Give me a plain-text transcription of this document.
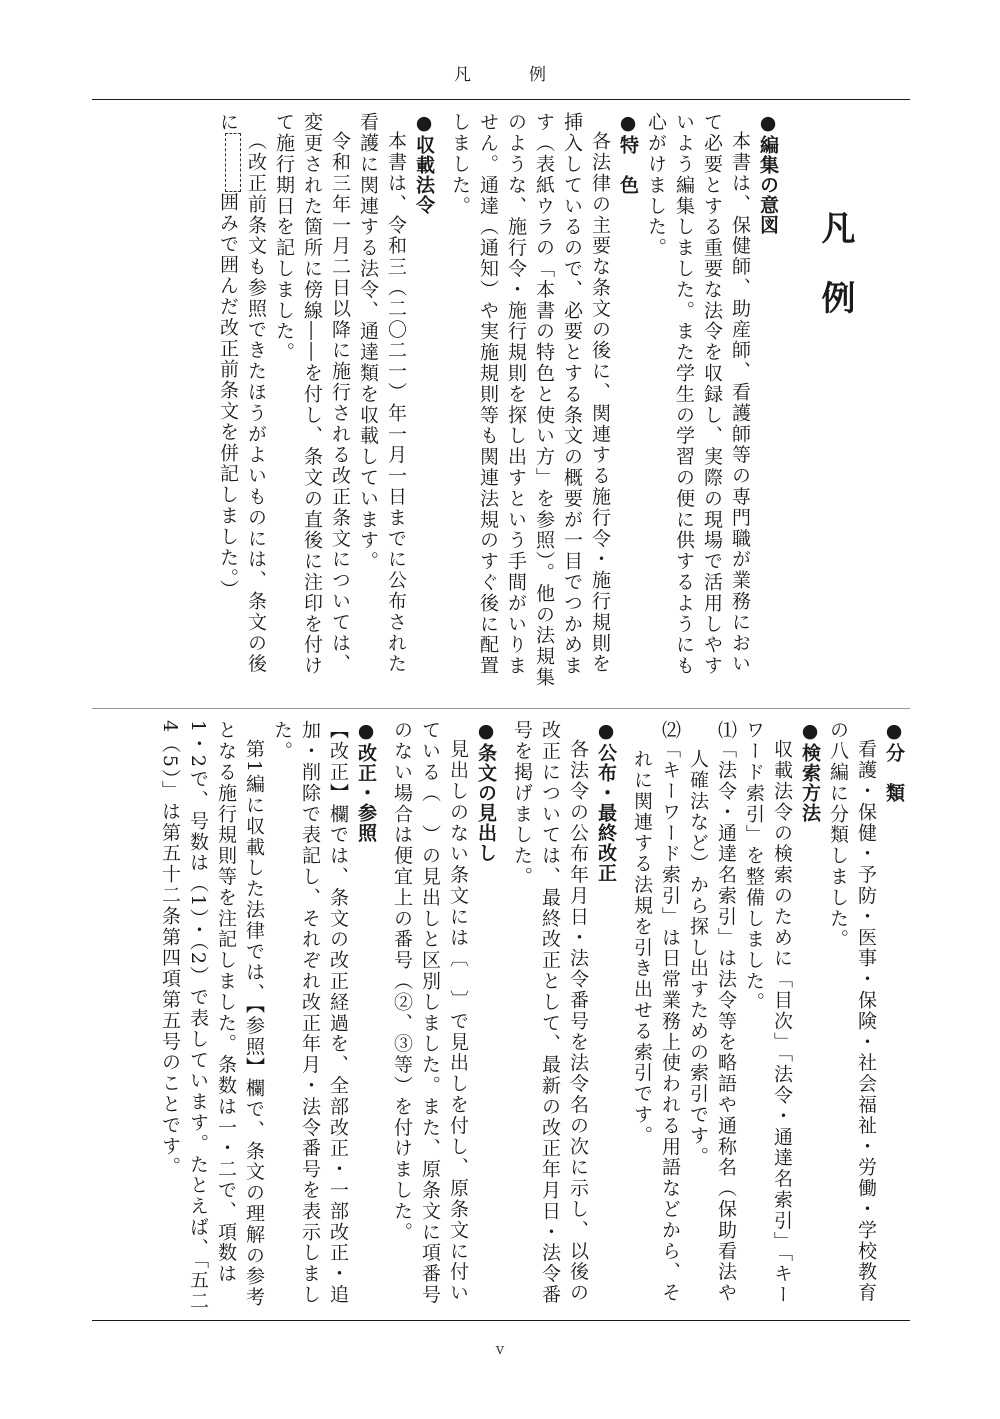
凡例
凡例
● 編集の意図

本書は、保健師、助産師、看護師等の専門職が業務において必要とする重要な法令を収録し、実際の現場で活用しやすいよう編集しました。また学生の学習の便に供するようにも心がけました。

● 特　色

各法律の主要な条文の後に、関連する施行令・施行規則を挿入しているので、必要とする条文の概要が一目でつかめます（表紙ウラの「本書の特色と使い方」を参照）。他の法規集のような、施行令・施行規則を探し出すという手間がいりません。通達（通知）や実施規則等も関連法規のすぐ後に配置しました。

● 収載法令

本書は、令和三（二〇二一）年一月一日までに公布された看護に関連する法令、通達類を収載しています。

令和三年一月二日以降に施行される改正条文については、変更された箇所に傍線――を付し、条文の直後に注印を付けて施行期日を記しました。

（改正前条文も参照できたほうがよいものには、条文の後に囲みで囲んだ改正前条文を併記しました。）

● 分　類

看護・保健・予防・医事・保険・社会福祉・労働・学校教育の八編に分類しました。

● 検索方法

収載法令の検索のために「目次」「法令・通達名索引」「キーワード索引」を整備しました。

⑴「法令・通達名索引」は法令等を略語や通称名（保助看法や人確法など）から探し出すための索引です。
⑵「キーワード索引」は日常業務上使われる用語などから、それに関連する法規を引き出せる索引です。
● 公布・最終改正

各法令の公布年月日・法令番号を法令名の次に示し、以後の改正については、最終改正として、最新の改正年月日・法令番号を掲げました。

● 条文の見出し

見出しのない条文には〔　〕で見出しを付し、原条文に付いている（　）の見出しと区別しました。また、原条文に項番号のない場合は便宜上の番号（②、③等）を付けました。

● 改正・参照

【改正】欄では、条文の改正経過を、全部改正・一部改正・追加・削除で表記し、それぞれ改正年月・法令番号を表示しました。

第1編に収載した法律では、【参照】欄で、条文の理解の参考となる施行規則等を注記しました。条数は一・二で、項数は1・2で、号数は（1）・（2）で表しています。たとえば、「五二4（5）」は第五十二条第四項第五号のことです。

v
